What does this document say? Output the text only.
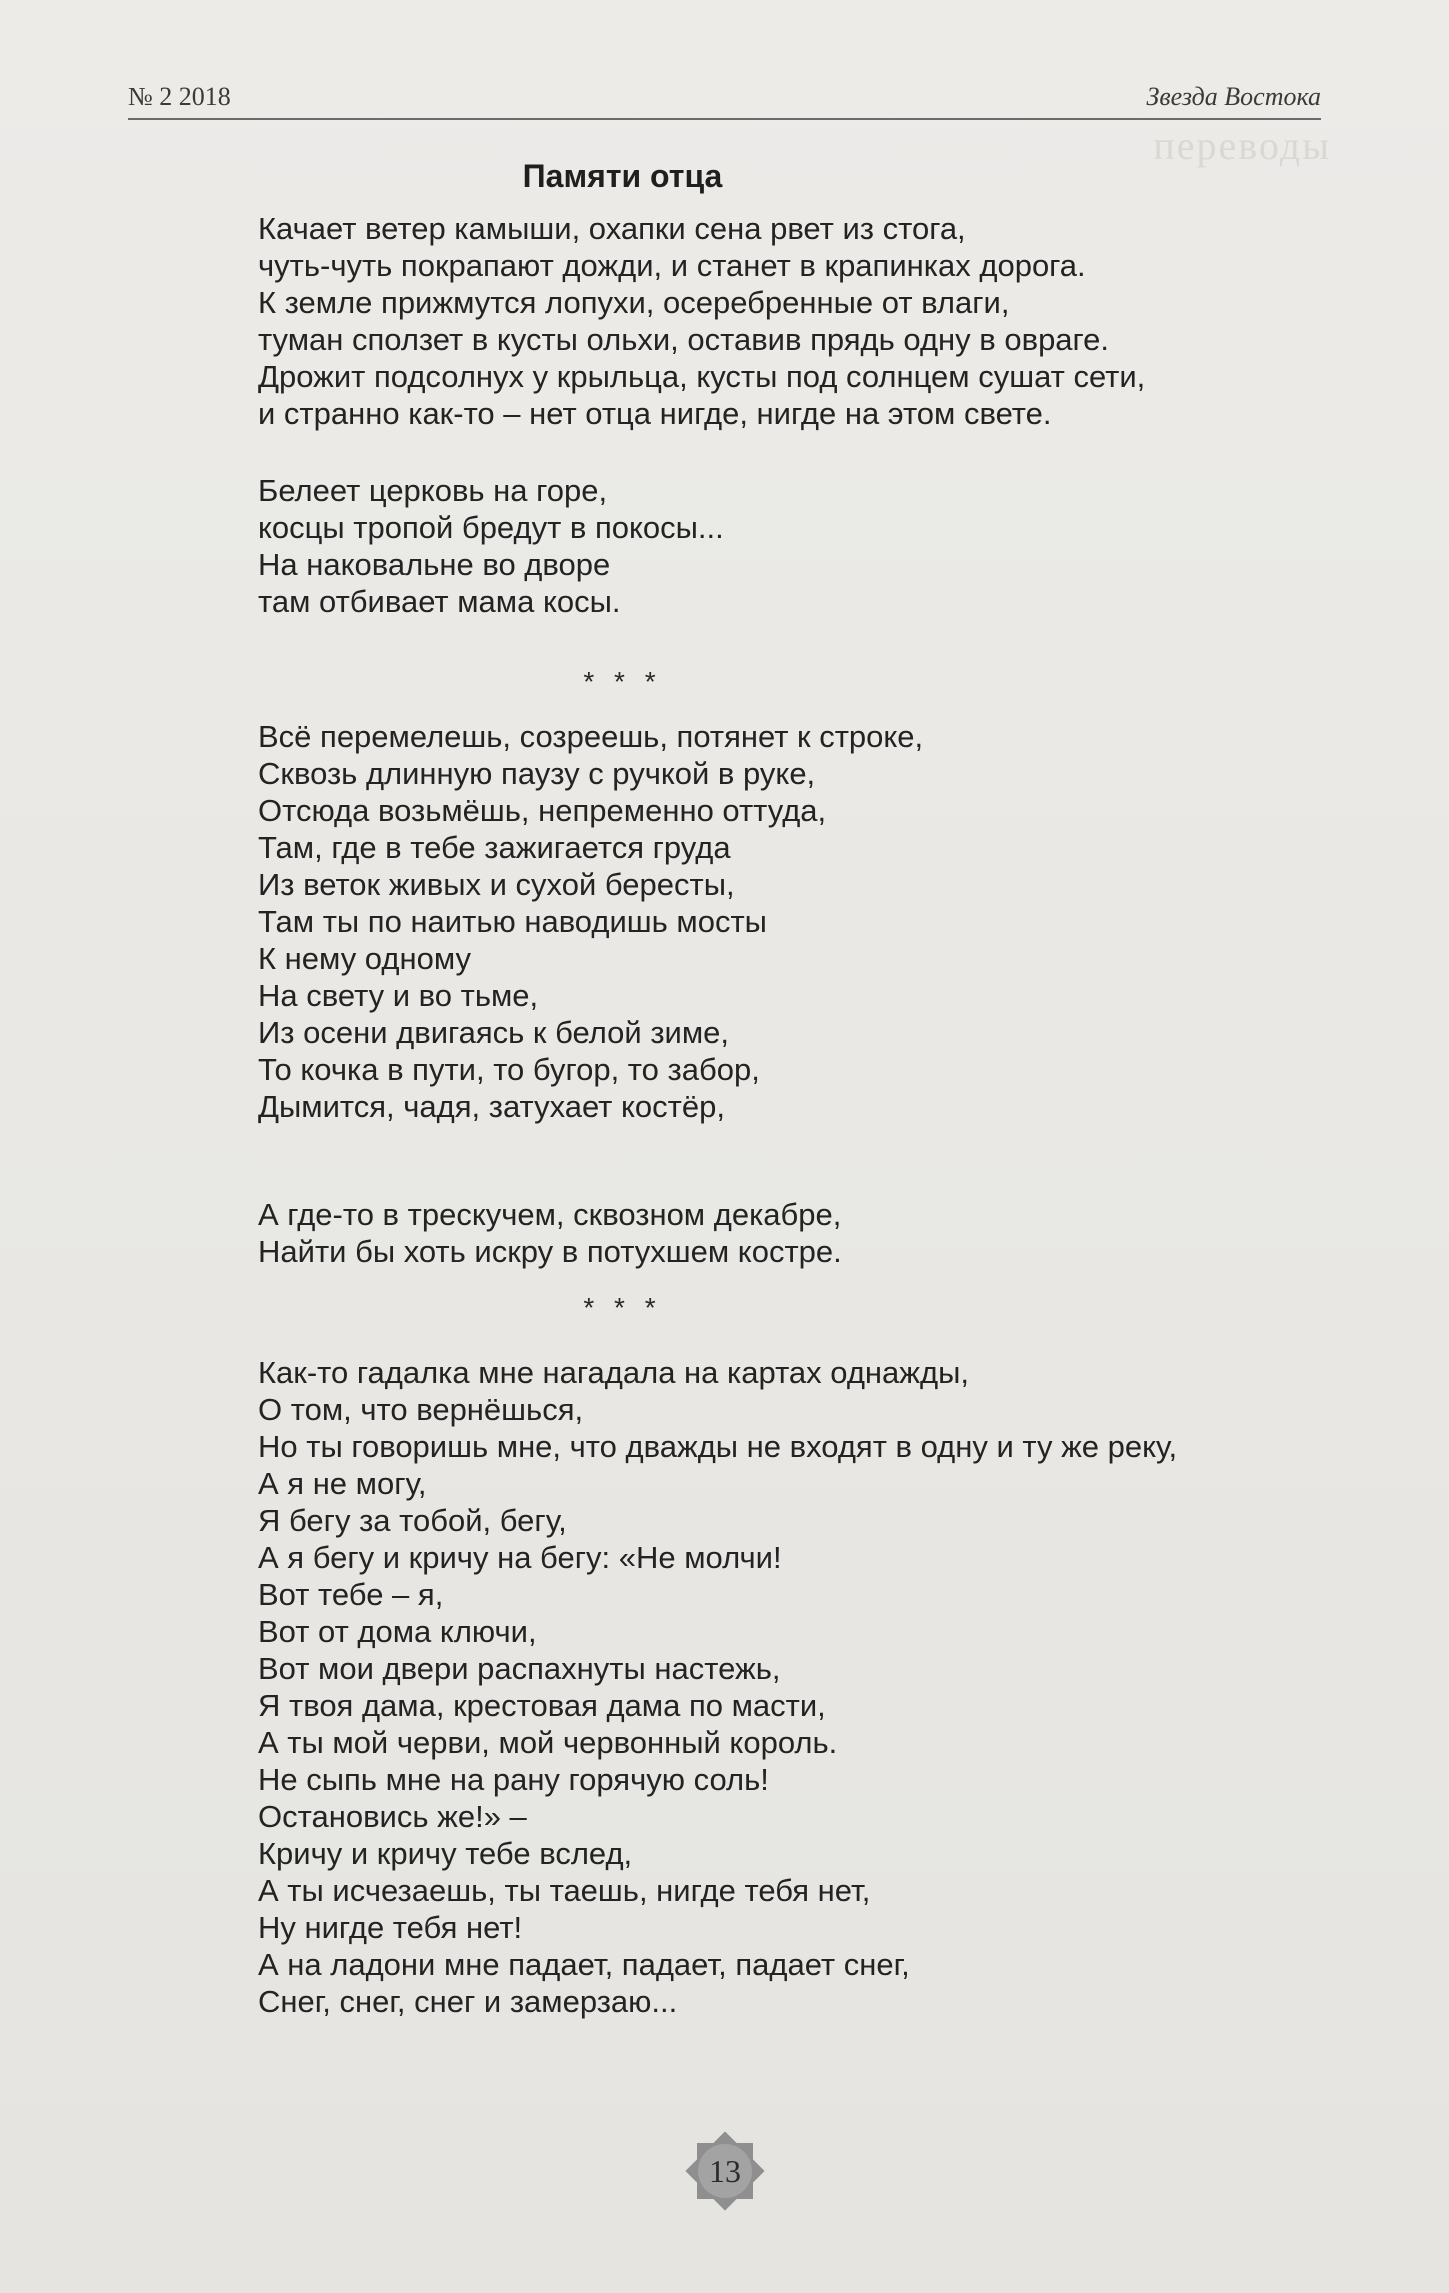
№ 2 2018	Звезда Востока
переводы
Памяти отца
Качает ветер камыши, охапки сена рвет из стога,
чуть-чуть покрапают дожди, и станет в крапинках дорога.
К земле прижмутся лопухи, осеребренные от влаги,
туман сползет в кусты ольхи, оставив прядь одну в овраге.
Дрожит подсолнух у крыльца, кусты под солнцем сушат сети,
и странно как-то – нет отца нигде, нигде на этом свете.
Белеет церковь на горе,
косцы тропой бредут в покосы...
На наковальне во дворе
там отбивает мама косы.
* * *
Всё перемелешь, созреешь, потянет к строке,
Сквозь длинную паузу с ручкой в руке,
Отсюда возьмёшь, непременно оттуда,
Там, где в тебе зажигается груда
Из веток живых и сухой бересты,
Там ты по наитью наводишь мосты
К нему одному
На свету и во тьме,
Из осени двигаясь к белой зиме,
То кочка в пути, то бугор, то забор,
Дымится, чадя, затухает костёр,
А где-то в трескучем, сквозном декабре,
Найти бы хоть искру в потухшем костре.
* * *
Как-то гадалка мне нагадала на картах однажды,
О том, что вернёшься,
Но ты говоришь мне, что дважды не входят в одну и ту же реку,
А я не могу,
Я бегу за тобой, бегу,
А я бегу и кричу на бегу: «Не молчи!
Вот тебе – я,
Вот от дома ключи,
Вот мои двери распахнуты настежь,
Я твоя дама, крестовая дама по масти,
А ты мой черви, мой червонный король.
Не сыпь мне на рану горячую соль!
Остановись же!» –
Кричу и кричу тебе вслед,
А ты исчезаешь, ты таешь, нигде тебя нет,
Ну нигде тебя нет!
А на ладони мне падает, падает, падает снег,
Снег, снег, снег и замерзаю...
13
